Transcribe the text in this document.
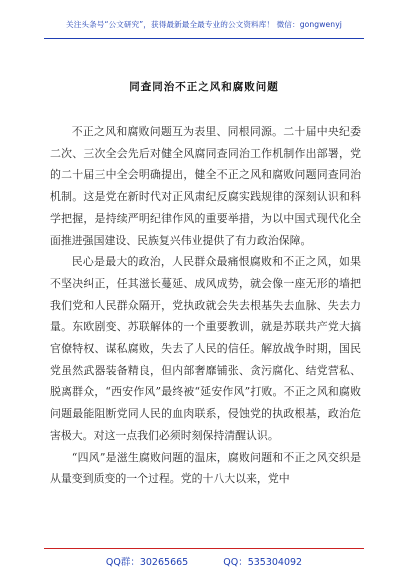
关注头条号“公文研究”，获得最新最全最专业的公文资料库！ 微信：gongwenyj
同查同治不正之风和腐败问题

不正之风和腐败问题互为表里、同根同源。二十届中央纪委二次、三次全会先后对健全风腐同查同治工作机制作出部署，党的二十届三中全会明确提出，健全不正之风和腐败问题同查同治机制。这是党在新时代对正风肃纪反腐实践规律的深刻认识和科学把握，是持续严明纪律作风的重要举措，为以中国式现代化全面推进强国建设、民族复兴伟业提供了有力政治保障。

民心是最大的政治，人民群众最痛恨腐败和不正之风，如果不坚决纠正，任其滋长蔓延、成风成势，就会像一座无形的墙把我们党和人民群众隔开，党执政就会失去根基失去血脉、失去力量。东欧剧变、苏联解体的一个重要教训，就是苏联共产党大搞官僚特权、谋私腐败，失去了人民的信任。解放战争时期，国民党虽然武器装备精良，但内部奢靡铺张、贪污腐化、结党营私、脱离群众，“西安作风”最终被“延安作风”打败。不正之风和腐败问题最能阻断党同人民的血肉联系，侵蚀党的执政根基，政治危害极大。对这一点我们必须时刻保持清醒认识。

“四风”是滋生腐败问题的温床，腐败问题和不正之风交织是从量变到质变的一个过程。党的十八大以来，党中

QQ群：30265665	QQ：535304092
